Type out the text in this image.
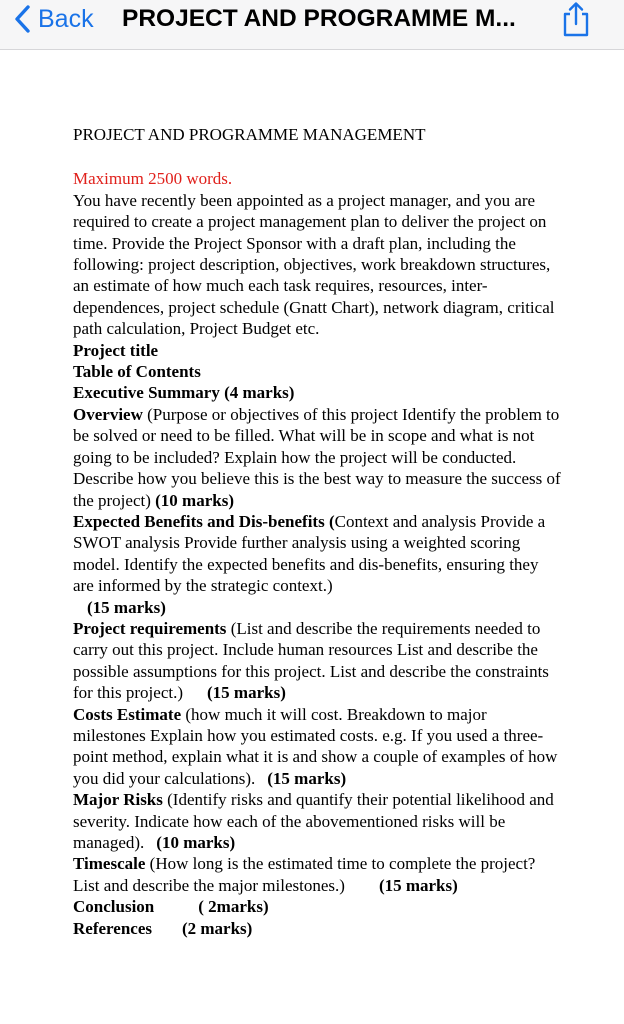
Back PROJECT AND PROGRAMME M...

PROJECT AND PROGRAMME MANAGEMENT

Maximum 2500 words.

You have recently been appointed as a project manager, and you are required to create a project management plan to deliver the project on time. Provide the Project Sponsor with a draft plan, including the following: project description, objectives, work breakdown structures, an estimate of how much each task requires, resources, inter-dependences, project schedule (Gnatt Chart), network diagram, critical path calculation, Project Budget etc.

Project title

Table of Contents

Executive Summary (4 marks)

Overview (Purpose or objectives of this project Identify the problem to be solved or need to be filled. What will be in scope and what is not going to be included? Explain how the project will be conducted. Describe how you believe this is the best way to measure the success of the project) (10 marks)

Expected Benefits and Dis-benefits (Context and analysis Provide a SWOT analysis Provide further analysis using a weighted scoring model. Identify the expected benefits and dis-benefits, ensuring they are informed by the strategic context.)

(15 marks)

Project requirements (List and describe the requirements needed to carry out this project. Include human resources List and describe the possible assumptions for this project. List and describe the constraints for this project.) (15 marks)

Costs Estimate (how much it will cost. Breakdown to major milestones Explain how you estimated costs. e.g. If you used a three-point method, explain what it is and show a couple of examples of how you did your calculations). (15 marks)

Major Risks (Identify risks and quantify their potential likelihood and severity. Indicate how each of the abovementioned risks will be managed). (10 marks)

Timescale (How long is the estimated time to complete the project? List and describe the major milestones.) (15 marks)

Conclusion	( 2marks)

References (2 marks)
